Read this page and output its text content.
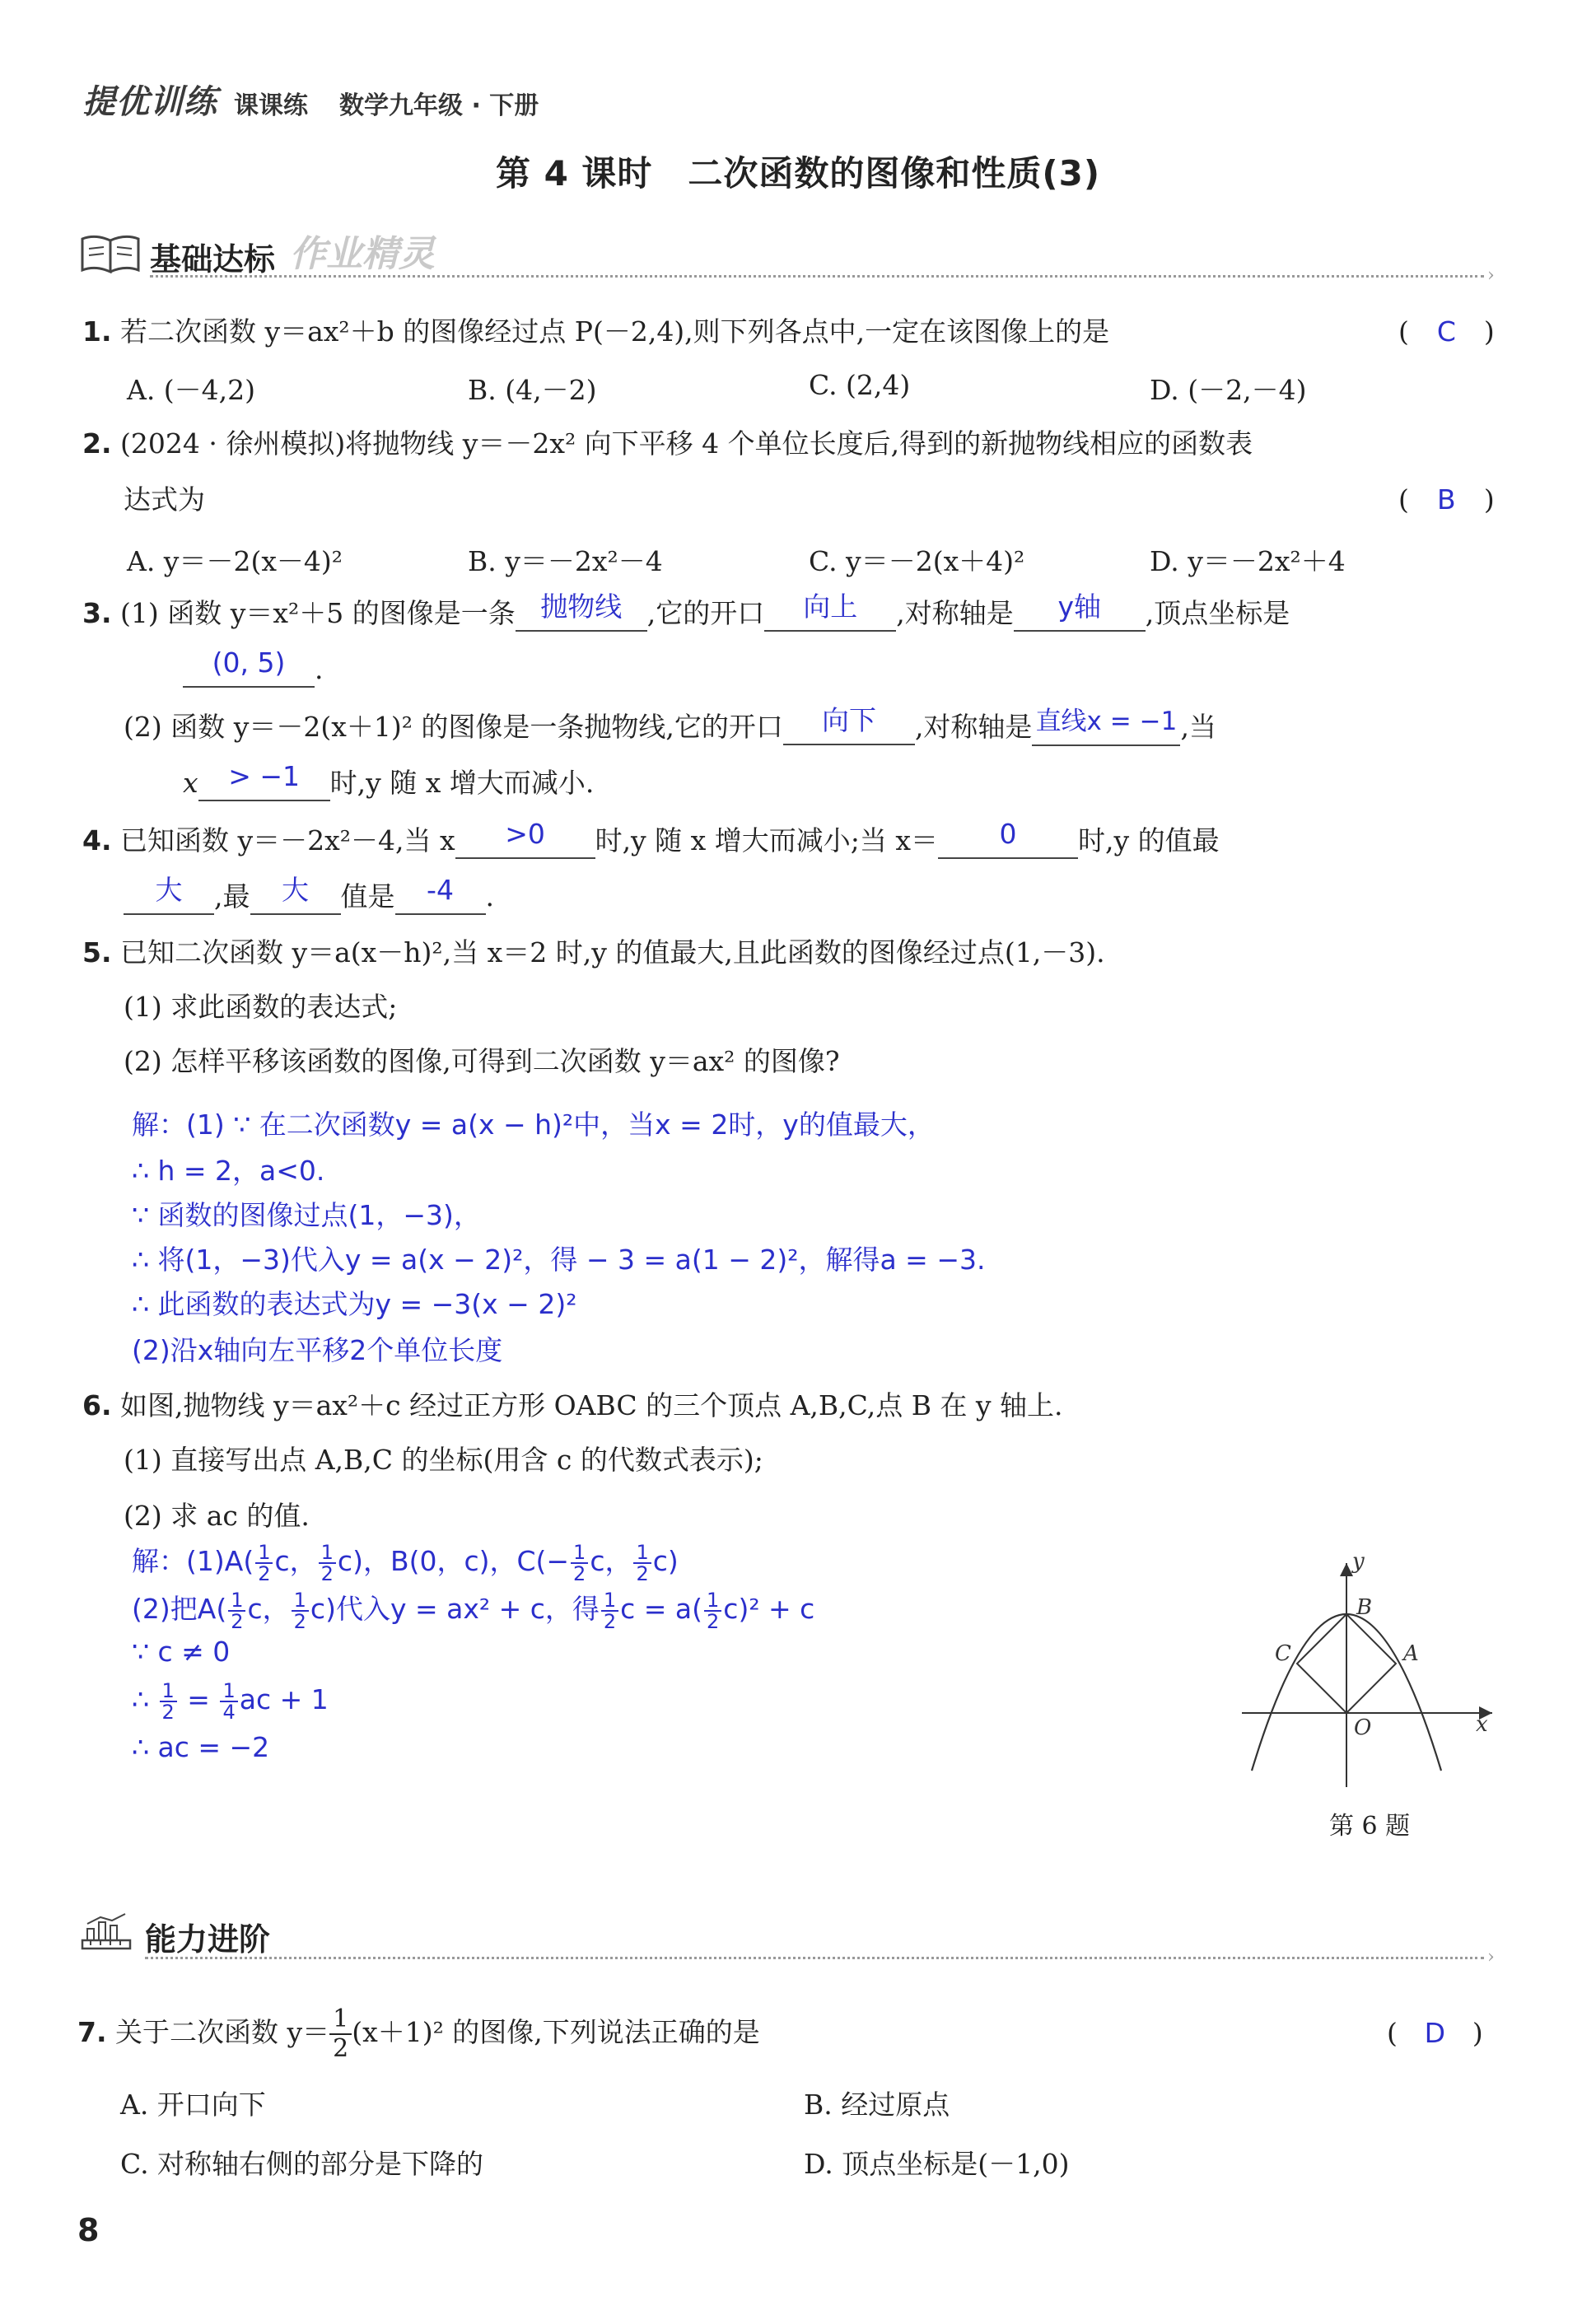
提优训练 课课练 数学九年级 · 下册
第 4 课时　二次函数的图像和性质(3)
基础达标 作业精灵
›
1. 若二次函数 y＝ax²＋b 的图像经过点 P(－2,4),则下列各点中,一定在该图像上的是	( C )
A. (－4,2)	B. (4,－2)	C. (2,4)	D. (－2,－4)
2. (2024 · 徐州模拟)将抛物线 y＝－2x² 向下平移 4 个单位长度后,得到的新抛物线相应的函数表
达式为	( B )
A. y＝－2(x－4)²	B. y＝－2x²－4	C. y＝－2(x＋4)²	D. y＝－2x²＋4
3. (1) 函数 y＝x²＋5 的图像是一条 抛物线 ,它的开口 向上 ,对称轴是 y轴 ,顶点坐标是
(0, 5) .
(2) 函数 y＝－2(x＋1)² 的图像是一条抛物线,它的开口 向下 ,对称轴是 直线x = −1 ,当
x > −1 时,y 随 x 增大而减小.
4. 已知函数 y＝－2x²－4,当 x >0 时,y 随 x 增大而减小;当 x＝ 0 时,y 的值最
大 ,最 大 值是 -4 .
5. 已知二次函数 y＝a(x－h)²,当 x＝2 时,y 的值最大,且此函数的图像经过点(1,－3).
(1) 求此函数的表达式;
(2) 怎样平移该函数的图像,可得到二次函数 y＝ax² 的图像?
解：(1) ∵ 在二次函数y = a(x − h)²中，当x = 2时，y的值最大，
∴ h = 2，a<0.
∵ 函数的图像过点(1，−3)，
∴ 将(1，−3)代入y = a(x − 2)²，得 − 3 = a(1 − 2)²，解得a = −3.
∴ 此函数的表达式为y = −3(x − 2)²
(2)沿x轴向左平移2个单位长度
6. 如图,抛物线 y＝ax²＋c 经过正方形 OABC 的三个顶点 A,B,C,点 B 在 y 轴上.
(1) 直接写出点 A,B,C 的坐标(用含 c 的代数式表示);
(2) 求 ac 的值.
解：$(1)A( \frac{1}{2}$ c， $\frac{1}{2} c$)，B(0，c)，$C(- \frac{1}{2}$ c， $\frac{1}{2} c$)
(2)把$A( \frac{1}{2}$ c， $\frac{1}{2} c$)代入y = ax² + c，得 $\frac{1}{2}$ $c = a( \frac{1}{2} c)^2 + c$
∵ c ≠ 0
∴ $\frac{1}{2} = \frac{1}{4}$ ac + 1
∴ ac = −2
y
B
C	A
O	x
第 6 题
能力进阶	›
7. 关于二次函数 $y= \frac{1}{2} (x+1)^2$ 的图像,下列说法正确的是	( D )
A. 开口向下	B. 经过原点
C. 对称轴右侧的部分是下降的	D. 顶点坐标是(－1,0)
8
